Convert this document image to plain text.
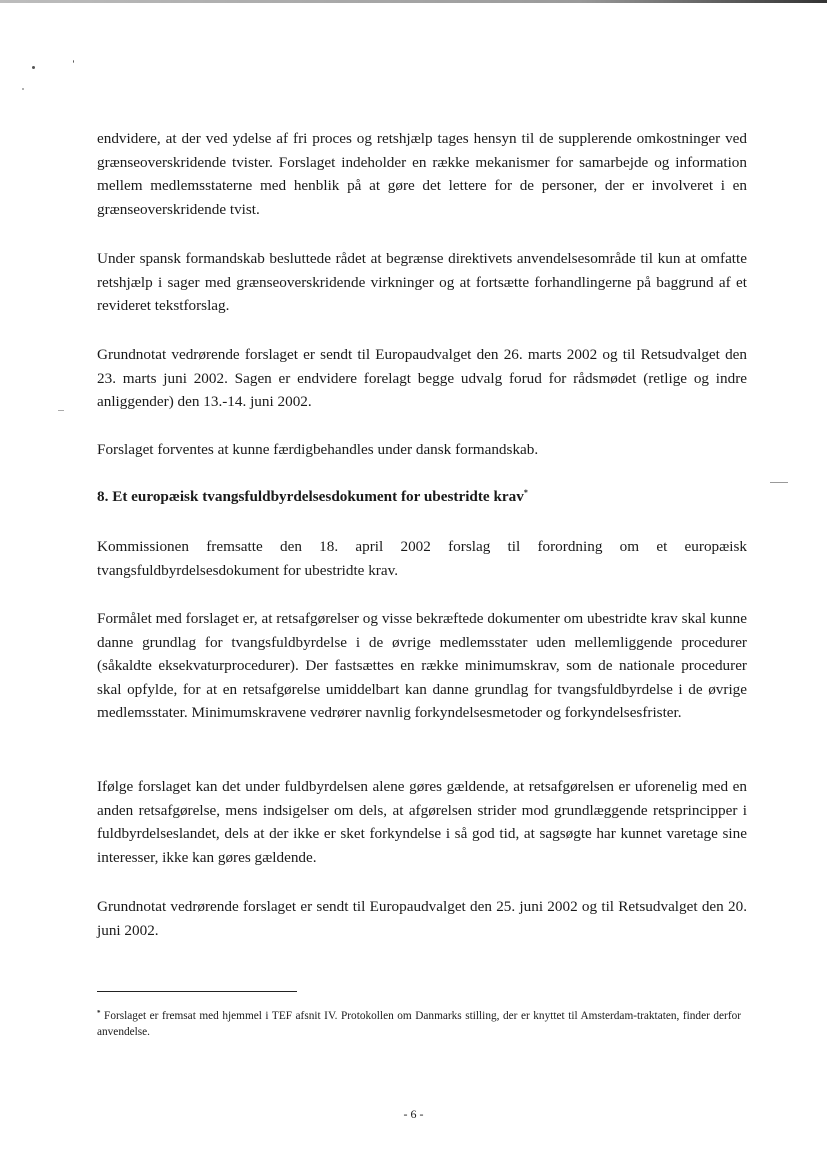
endvidere, at der ved ydelse af fri proces og retshjælp tages hensyn til de supplerende omkostninger ved grænseoverskridende tvister. Forslaget indeholder en række mekanismer for samarbejde og information mellem medlemsstaterne med henblik på at gøre det lettere for de personer, der er involveret i en grænseoverskridende tvist.

Under spansk formandskab besluttede rådet at begrænse direktivets anvendelsesområde til kun at omfatte retshjælp i sager med grænseoverskridende virkninger og at fortsætte forhandlingerne på baggrund af et revideret tekstforslag.

Grundnotat vedrørende forslaget er sendt til Europaudvalget den 26. marts 2002 og til Retsudvalget den 23. marts juni 2002. Sagen er endvidere forelagt begge udvalg forud for rådsmødet (retlige og indre anliggender) den 13.-14. juni 2002.

Forslaget forventes at kunne færdigbehandles under dansk formandskab.

8. Et europæisk tvangsfuldbyrdelsesdokument for ubestridte krav*

Kommissionen fremsatte den 18. april 2002 forslag til forordning om et europæisk tvangsfuldbyrdelsesdokument for ubestridte krav.

Formålet med forslaget er, at retsafgørelser og visse bekræftede dokumenter om ubestridte krav skal kunne danne grundlag for tvangsfuldbyrdelse i de øvrige medlemsstater uden mellemliggende procedurer (såkaldte eksekvaturprocedurer). Der fastsættes en række minimumskrav, som de nationale procedurer skal opfylde, for at en retsafgørelse umiddelbart kan danne grundlag for tvangsfuldbyrdelse i de øvrige medlemsstater. Minimumskravene vedrører navnlig forkyndelsesmetoder og forkyndelsesfrister.

Ifølge forslaget kan det under fuldbyrdelsen alene gøres gældende, at retsafgørelsen er uforenelig med en anden retsafgørelse, mens indsigelser om dels, at afgørelsen strider mod grundlæggende retsprincipper i fuldbyrdelseslandet, dels at der ikke er sket forkyndelse i så god tid, at sagsøgte har kunnet varetage sine interesser, ikke kan gøres gældende.

Grundnotat vedrørende forslaget er sendt til Europaudvalget den 25. juni 2002 og til Retsudvalget den 20. juni 2002.

* Forslaget er fremsat med hjemmel i TEF afsnit IV. Protokollen om Danmarks stilling, der er knyttet til Amsterdam-traktaten, finder derfor anvendelse.

- 6 -
